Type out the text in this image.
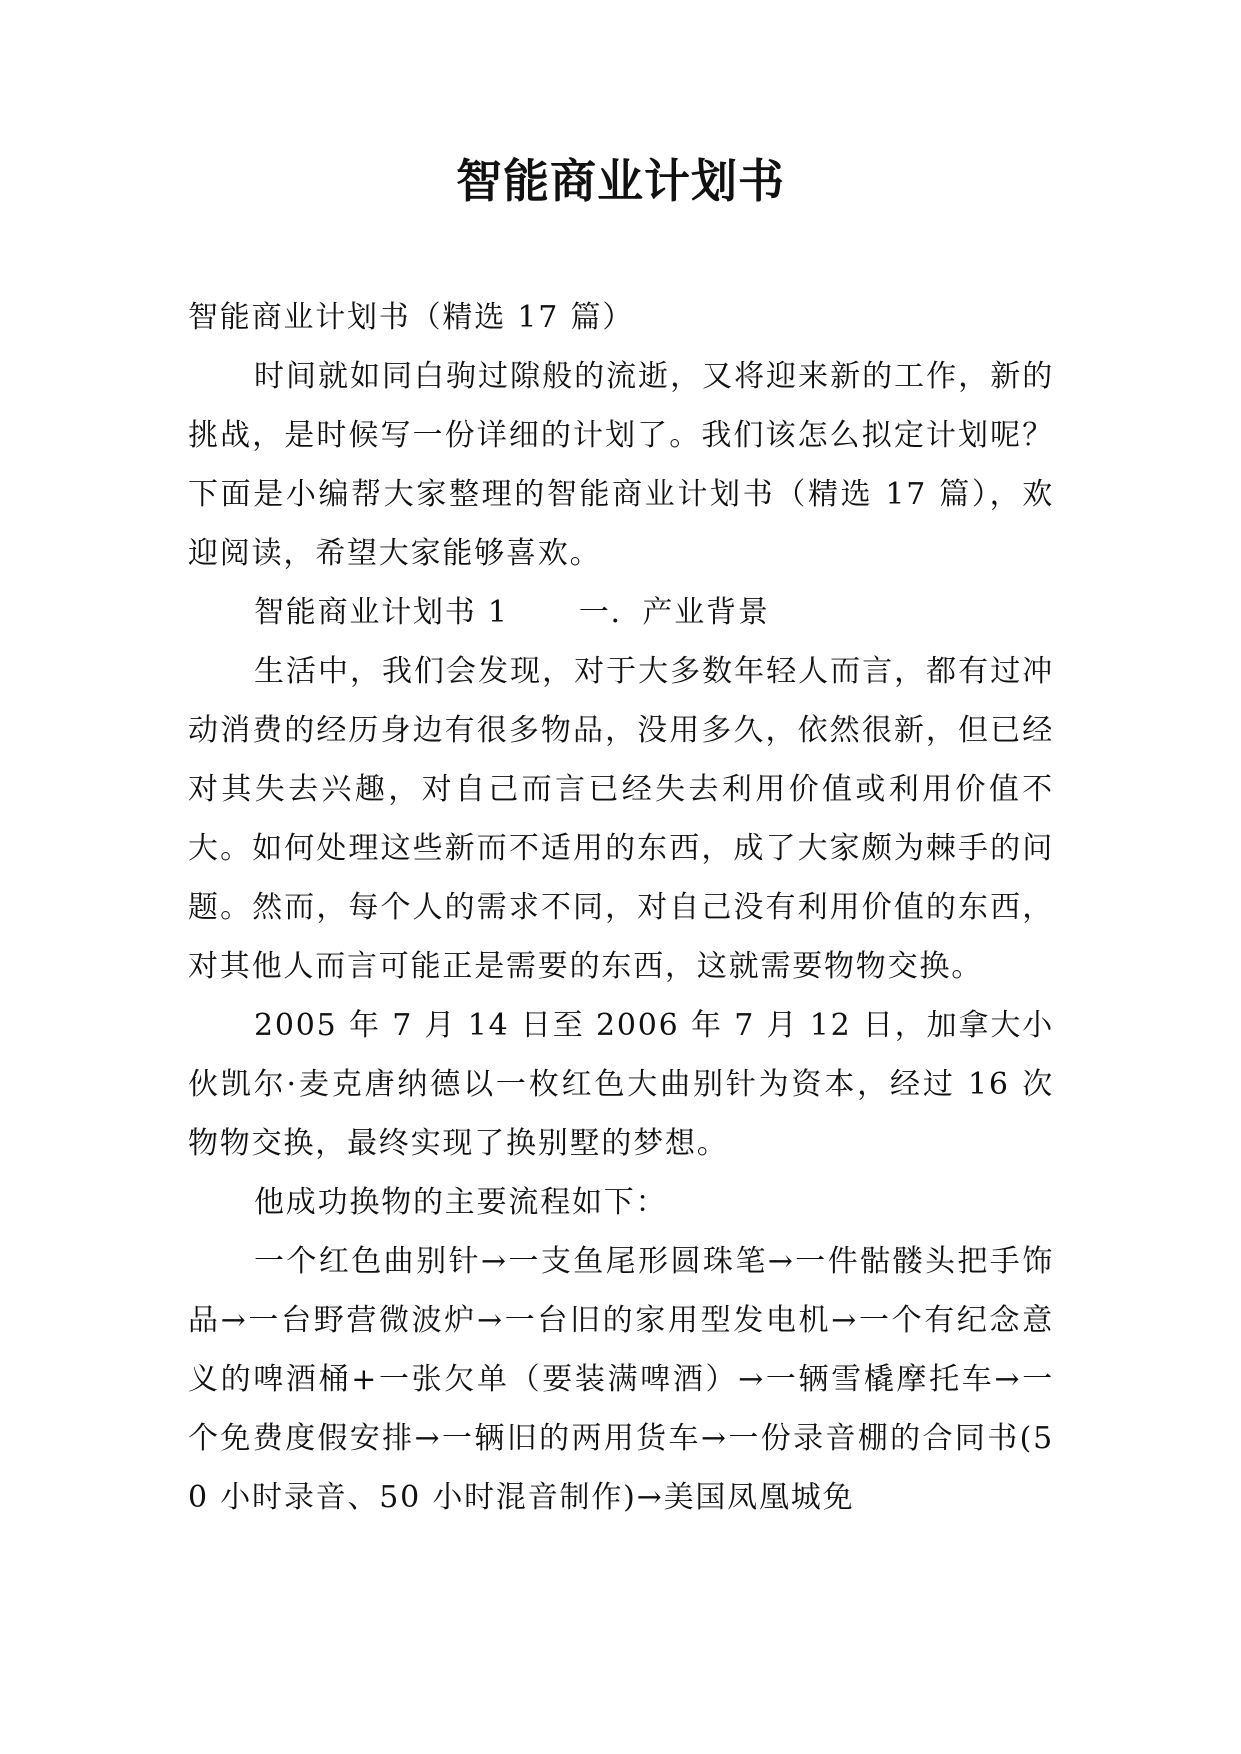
智能商业计划书

智能商业计划书（精选 17 篇）

时间就如同白驹过隙般的流逝，又将迎来新的工作，新的挑战，是时候写一份详细的计划了。我们该怎么拟定计划呢？下面是小编帮大家整理的智能商业计划书（精选 17 篇），欢迎阅读，希望大家能够喜欢。

智能商业计划书 1 一．产业背景

生活中，我们会发现，对于大多数年轻人而言，都有过冲动消费的经历身边有很多物品，没用多久，依然很新，但已经对其失去兴趣，对自己而言已经失去利用价值或利用价值不大。如何处理这些新而不适用的东西，成了大家颇为棘手的问题。然而，每个人的需求不同，对自己没有利用价值的东西，对其他人而言可能正是需要的东西，这就需要物物交换。

2005 年 7 月 14 日至 2006 年 7 月 12 日，加拿大小伙凯尔·麦克唐纳德以一枚红色大曲别针为资本，经过 16 次物物交换，最终实现了换别墅的梦想。

他成功换物的主要流程如下：

一个红色曲别针→一支鱼尾形圆珠笔→一件骷髅头把手饰品→一台野营微波炉→一台旧的家用型发电机→一个有纪念意义的啤酒桶+一张欠单（要装满啤酒）→一辆雪橇摩托车→一个免费度假安排→一辆旧的两用货车→一份录音棚的合同书(50 小时录音、50 小时混音制作)→美国凤凰城免
